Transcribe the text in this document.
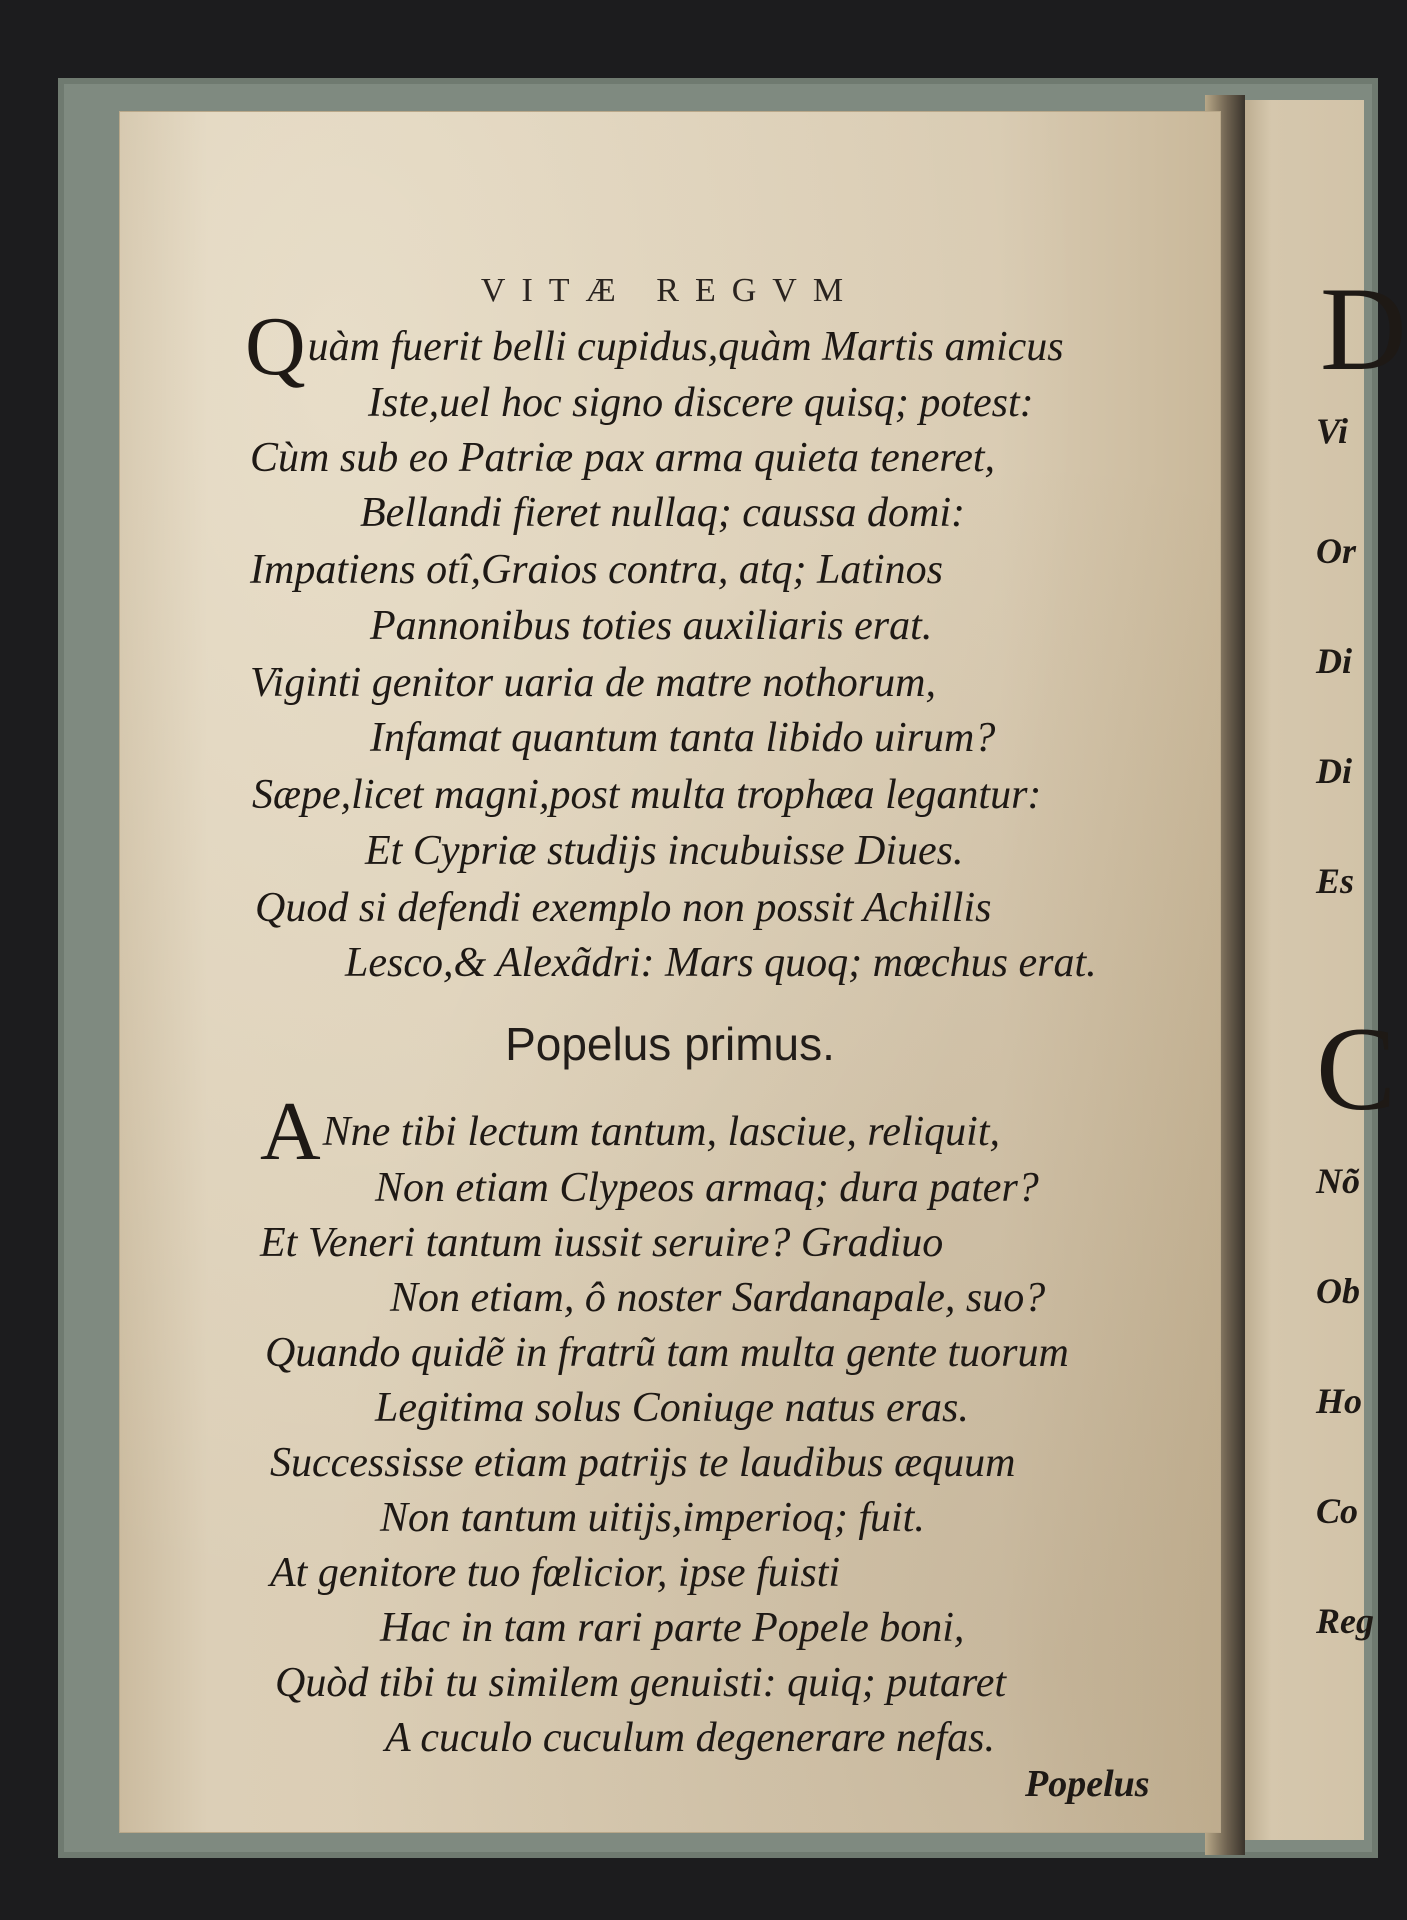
D
Vi
Or
Di
Di
Es
C
Nõ
Ob
Ho
Co
Reg
VITÆ REGVM
Quàm fuerit belli cupidus,quàm Martis amicus
Iste,uel hoc signo discere quisq; potest:
Cùm sub eo Patriæ pax arma quieta teneret,
Bellandi fieret nullaq; caussa domi:
Impatiens otî,Graios contra, atq; Latinos
Pannonibus toties auxiliaris erat.
Viginti genitor uaria de matre nothorum,
Infamat quantum tanta libido uirum?
Sæpe,licet magni,post multa trophæa legantur:
Et Cypriæ studijs incubuisse Diues.
Quod si defendi exemplo non possit Achillis
Lesco,& Alexãdri: Mars quoq; mœchus erat.
ANne tibi lectum tantum, lasciue, reliquit,
Non etiam Clypeos armaq; dura pater?
Et Veneri tantum iussit seruire? Gradiuo
Non etiam, ô noster Sardanapale, suo?
Quando quidẽ in fratrũ tam multa gente tuorum
Legitima solus Coniuge natus eras.
Successisse etiam patrijs te laudibus æquum
Non tantum uitijs,imperioq; fuit.
At genitore tuo fœlicior, ipse fuisti
Hac in tam rari parte Popele boni,
Quòd tibi tu similem genuisti: quiq; putaret
A cuculo cuculum degenerare nefas.
Popelus primus.
Popelus
